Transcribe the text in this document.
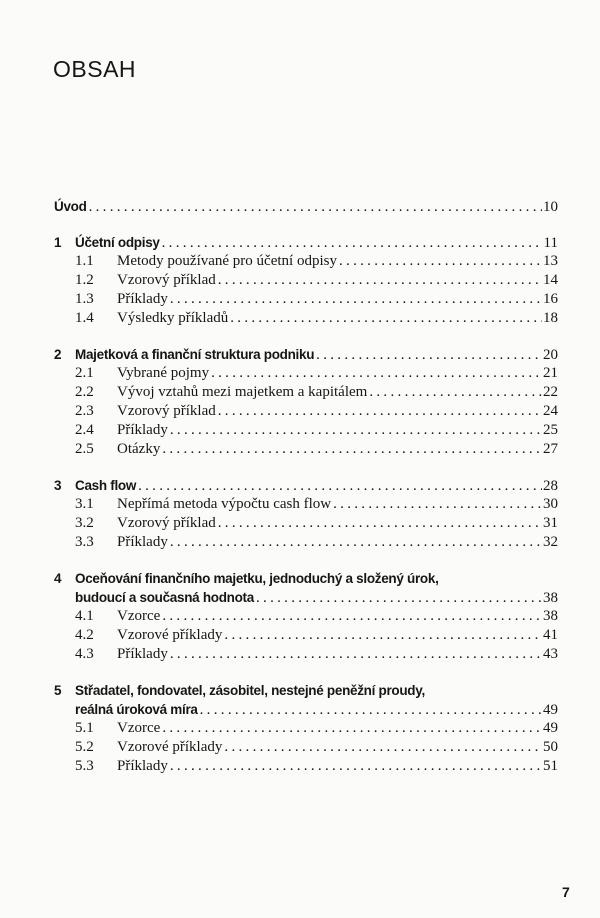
OBSAH
Úvod .....	10
1 Účetní odpisy .....	11
1.1	Metody používané pro účetní odpisy .....	13
1.2	Vzorový příklad .....	14
1.3	Příklady .....	16
1.4	Výsledky příkladů .....	18
2 Majetková a finanční struktura podniku .....	20
2.1	Vybrané pojmy .....	21
2.2	Vývoj vztahů mezi majetkem a kapitálem .....	22
2.3	Vzorový příklad .....	24
2.4	Příklady .....	25
2.5	Otázky .....	27
3 Cash flow .....	28
3.1	Nepřímá metoda výpočtu cash flow .....	30
3.2	Vzorový příklad .....	31
3.3	Příklady .....	32
4 Oceňování finančního majetku, jednoduchý a složený úrok,
budoucí a současná hodnota .....	38
4.1	Vzorce .....	38
4.2	Vzorové příklady .....	41
4.3	Příklady .....	43
5 Střadatel, fondovatel, zásobitel, nestejné peněžní proudy,
reálná úroková míra .....	49
5.1	Vzorce .....	49
5.2	Vzorové příklady .....	50
5.3	Příklady .....	51
7
